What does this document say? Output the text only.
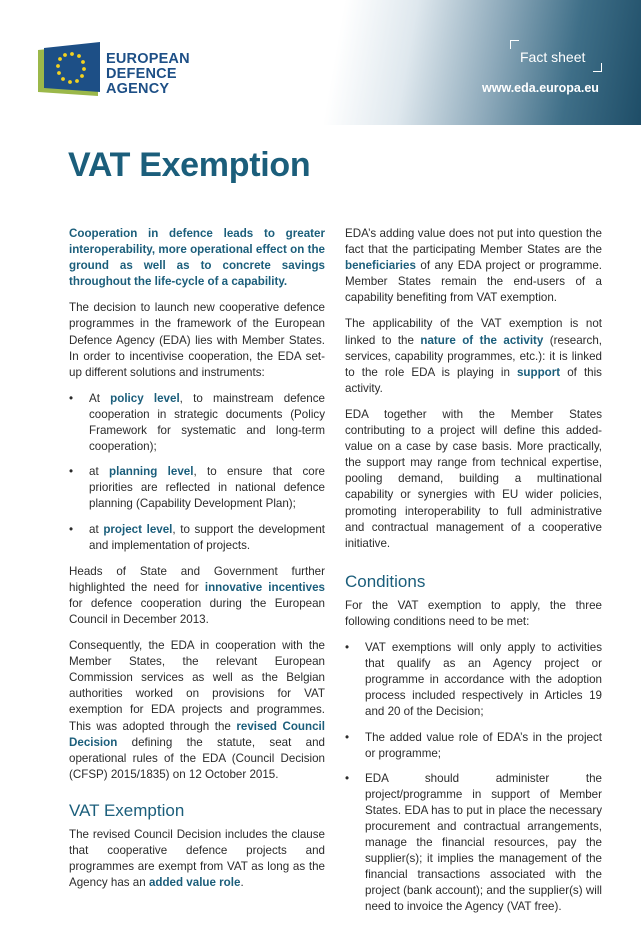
EUROPEAN
DEFENCE
AGENCY
Fact sheet
www.eda.europa.eu
VAT Exemption

Cooperation in defence leads to greater interoperability, more operational effect on the ground as well as to concrete savings throughout the life-cycle of a capability.

The decision to launch new cooperative defence programmes in the framework of the European Defence Agency (EDA) lies with Member States. In order to incentivise cooperation, the EDA set-up different solutions and instruments:

• At policy level, to mainstream defence cooperation in strategic documents (Policy Framework for systematic and long-term cooperation);
• at planning level, to ensure that core priorities are reflected in national defence planning (Capability Development Plan);
• at project level, to support the development and implementation of projects.

Heads of State and Government further highlighted the need for innovative incentives for defence cooperation during the European Council in December 2013.

Consequently, the EDA in cooperation with the Member States, the relevant European Commission services as well as the Belgian authorities worked on provisions for VAT exemption for EDA projects and programmes. This was adopted through the revised Council Decision defining the statute, seat and operational rules of the EDA (Council Decision (CFSP) 2015/1835) on 12 October 2015.

VAT Exemption

The revised Council Decision includes the clause that cooperative defence projects and programmes are exempt from VAT as long as the Agency has an added value role.

EDA’s adding value does not put into question the fact that the participating Member States are the beneficiaries of any EDA project or programme. Member States remain the end-users of a capability benefiting from VAT exemption.

The applicability of the VAT exemption is not linked to the nature of the activity (research, services, capability programmes, etc.): it is linked to the role EDA is playing in support of this activity.

EDA together with the Member States contributing to a project will define this added-value on a case by case basis. More practically, the support may range from technical expertise, pooling demand, building a multinational capability or synergies with EU wider policies, promoting interoperability to full administrative and contractual management of a cooperative initiative.

Conditions

For the VAT exemption to apply, the three following conditions need to be met:

• VAT exemptions will only apply to activities that qualify as an Agency project or programme in accordance with the adoption process included respectively in Articles 19 and 20 of the Decision;
• The added value role of EDA’s in the project or programme;
• EDA should administer the project/programme in support of Member States. EDA has to put in place the necessary procurement and contractual arrangements, manage the financial resources, pay the supplier(s); it implies the management of the financial transactions associated with the project (bank account); and the supplier(s) will need to invoice the Agency (VAT free).
